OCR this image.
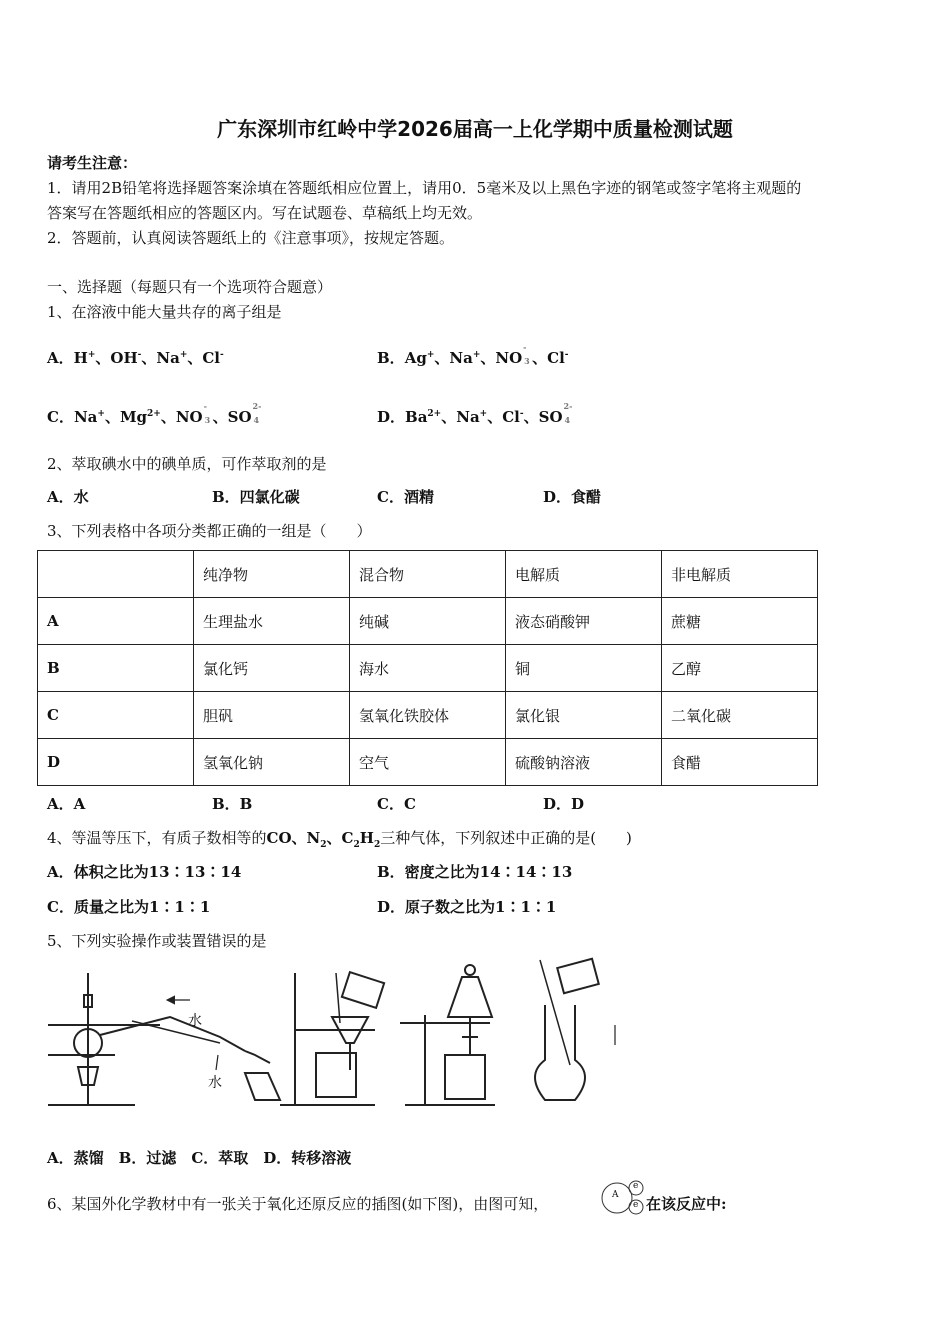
广东深圳市红岭中学2026届高一上化学期中质量检测试题
请考生注意：
1．请用2B铅笔将选择题答案涂填在答题纸相应位置上，请用0．5毫米及以上黑色字迹的钢笔或签字笔将主观题的
答案写在答题纸相应的答题区内。写在试题卷、草稿纸上均无效。
2．答题前，认真阅读答题纸上的《注意事项》，按规定答题。
一、选择题（每题只有一个选项符合题意）
1、在溶液中能大量共存的离子组是
A．H+、OH-、Na+、Cl-	B．Ag+、Na+、NO
-
3 、Cl-
C．Na+、$Mg^{2+}$、NO
-
3 、SO
2-
4	D．$Ba^{2+}$、Na+、Cl-、SO
2-
4
2、萃取碘水中的碘单质，可作萃取剂的是
A．水	B．四氯化碳	C．酒精	D．食醋
3、下列表格中各项分类都正确的一组是（　　）
	纯净物	混合物	电解质	非电解质
A	生理盐水	纯碱	液态硝酸钾	蔗糖
B	氯化钙	海水	铜	乙醇
C	胆矾	氢氧化铁胶体	氯化银	二氧化碳
D	氢氧化钠	空气	硫酸钠溶液	食醋
A．A	B．B	C．C	D．D
4、等温等压下，有质子数相等的CO、$N_2$、$C_2H_2$三种气体，下列叙述中正确的是(　　)
A．体积之比为13∶13∶14	B．密度之比为14∶14∶13
C．质量之比为1∶1∶1	D．原子数之比为1∶1∶1
5、下列实验操作或装置错误的是
水
水
A．蒸馏　B．过滤　C．萃取　D．转移溶液
6、某国外化学教材中有一张关于氧化还原反应的插图(如下图)，由图可知，	A
e
e 在该反应中:
